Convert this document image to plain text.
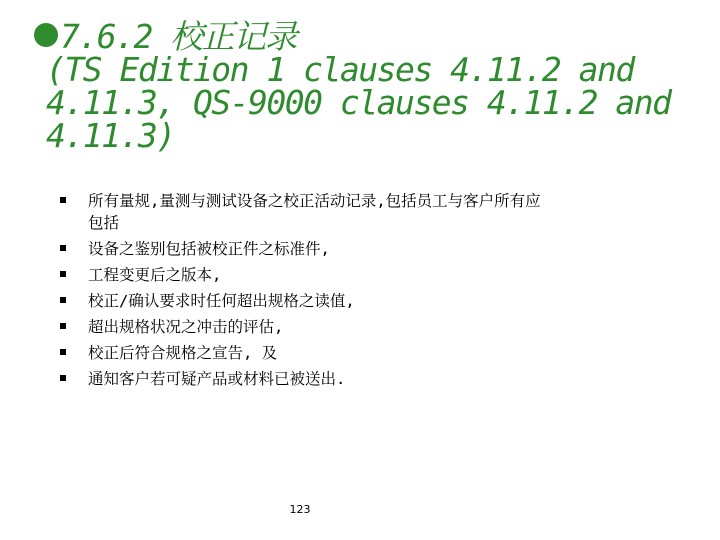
7.6.2 校正记录
(TS Edition 1 clauses 4.11.2 and
4.11.3, QS-9000 clauses 4.11.2 and
4.11.3)
所有量规,量测与测试设备之校正活动记录,包括员工与客户所有应
包括
设备之鉴别包括被校正件之标准件,
工程变更后之版本,
校正/确认要求时任何超出规格之读值,
超出规格状况之冲击的评估,
校正后符合规格之宣告, 及
通知客户若可疑产品或材料已被送出.
123
